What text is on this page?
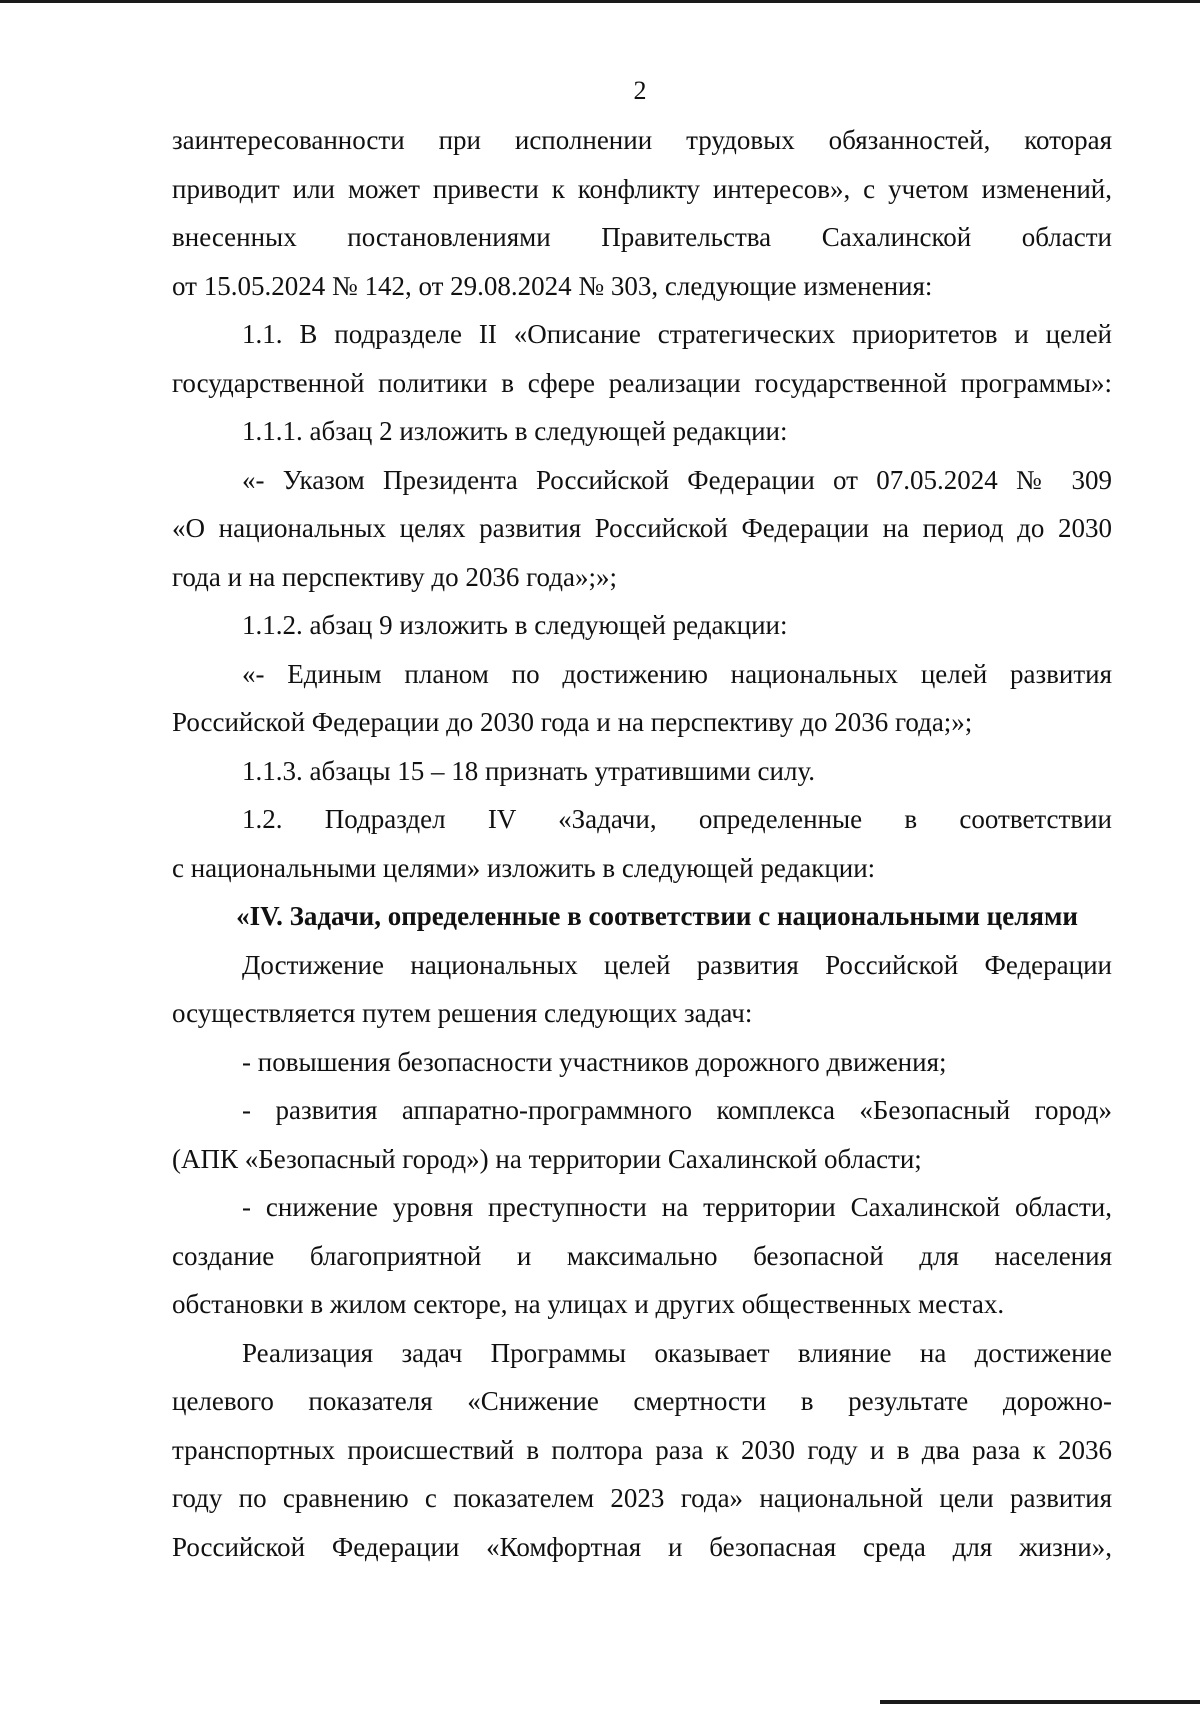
2

заинтересованности при исполнении трудовых обязанностей, которая

приводит или может привести к конфликту интересов», с учетом изменений,

внесенных постановлениями Правительства Сахалинской области

от 15.05.2024 № 142, от 29.08.2024 № 303, следующие изменения:

1.1. В подразделе II «Описание стратегических приоритетов и целей

государственной политики в сфере реализации государственной программы»:

1.1.1. абзац 2 изложить в следующей редакции:

«- Указом Президента Российской Федерации от 07.05.2024 № 309

«О национальных целях развития Российской Федерации на период до 2030

года и на перспективу до 2036 года»;»;

1.1.2. абзац 9 изложить в следующей редакции:

«- Единым планом по достижению национальных целей развития

Российской Федерации до 2030 года и на перспективу до 2036 года;»;

1.1.3. абзацы 15 – 18 признать утратившими силу.

1.2. Подраздел IV «Задачи, определенные в соответствии

с национальными целями» изложить в следующей редакции:

«IV. Задачи, определенные в соответствии с национальными целями

Достижение национальных целей развития Российской Федерации

осуществляется путем решения следующих задач:

- повышения безопасности участников дорожного движения;

- развития аппаратно-программного комплекса «Безопасный город»

(АПК «Безопасный город») на территории Сахалинской области;

- снижение уровня преступности на территории Сахалинской области,

создание благоприятной и максимально безопасной для населения

обстановки в жилом секторе, на улицах и других общественных местах.

Реализация задач Программы оказывает влияние на достижение

целевого показателя «Снижение смертности в результате дорожно-

транспортных происшествий в полтора раза к 2030 году и в два раза к 2036

году по сравнению с показателем 2023 года» национальной цели развития

Российской Федерации «Комфортная и безопасная среда для жизни»,
